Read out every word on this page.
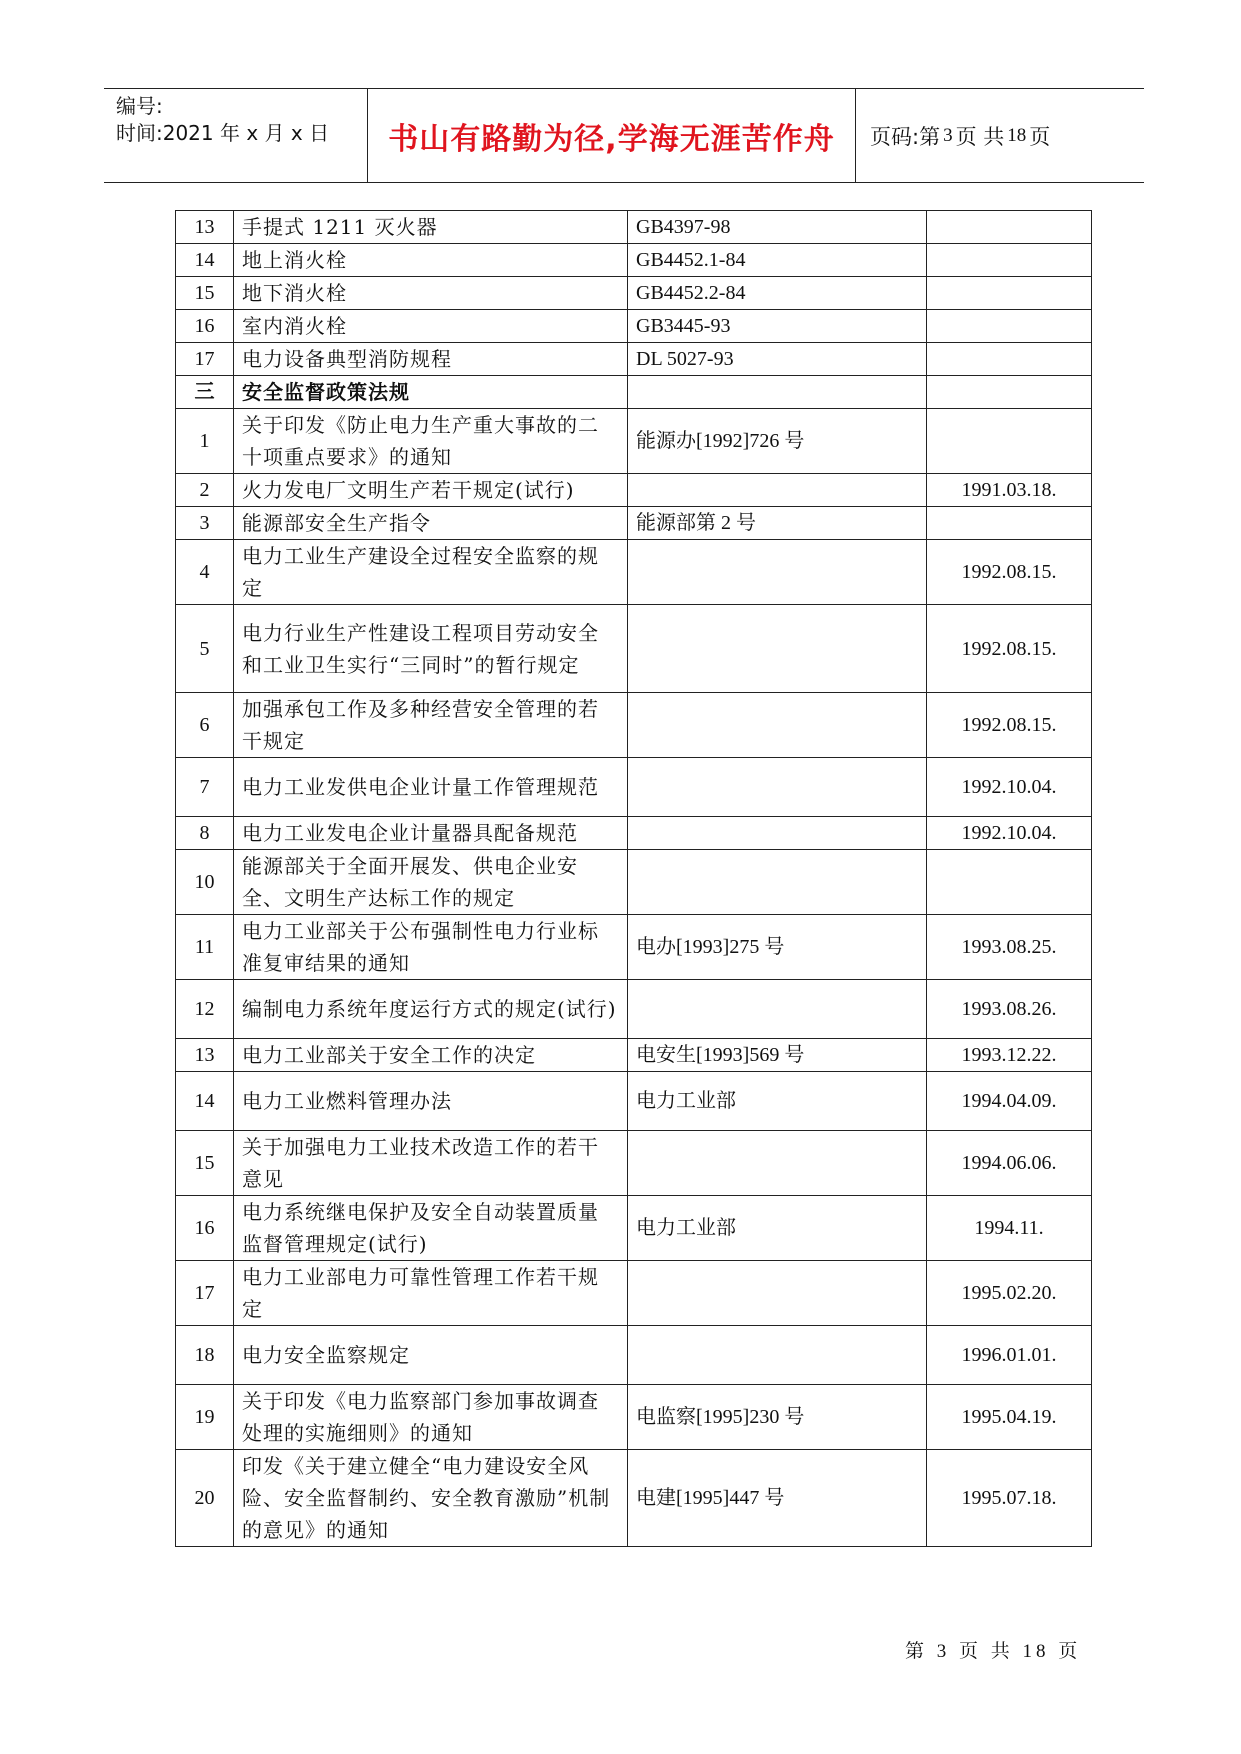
编号:
时间:2021 年 x 月 x 日	书山有路勤为径,学海无涯苦作舟	页码:第 3 页 共 18 页
13	手提式 1211 灭火器	GB4397-98	
14	地上消火栓	GB4452.1-84	
15	地下消火栓	GB4452.2-84	
16	室内消火栓	GB3445-93	
17	电力设备典型消防规程	DL 5027-93	
三	安全监督政策法规		
1	关于印发《防止电力生产重大事故的二十项重点要求》的通知	能源办[1992]726 号	
2	火力发电厂文明生产若干规定(试行)		1991.03.18.
3	能源部安全生产指令	能源部第 2 号	
4	电力工业生产建设全过程安全监察的规定		1992.08.15.
5	电力行业生产性建设工程项目劳动安全和工业卫生实行“三同时”的暂行规定		1992.08.15.
6	加强承包工作及多种经营安全管理的若干规定		1992.08.15.
7	电力工业发供电企业计量工作管理规范		1992.10.04.
8	电力工业发电企业计量器具配备规范		1992.10.04.
10	能源部关于全面开展发、供电企业安全、文明生产达标工作的规定		
11	电力工业部关于公布强制性电力行业标准复审结果的通知	电办[1993]275 号	1993.08.25.
12	编制电力系统年度运行方式的规定(试行)		1993.08.26.
13	电力工业部关于安全工作的决定	电安生[1993]569 号	1993.12.22.
14	电力工业燃料管理办法	电力工业部	1994.04.09.
15	关于加强电力工业技术改造工作的若干意见		1994.06.06.
16	电力系统继电保护及安全自动装置质量监督管理规定(试行)	电力工业部	1994.11.
17	电力工业部电力可靠性管理工作若干规定		1995.02.20.
18	电力安全监察规定		1996.01.01.
19	关于印发《电力监察部门参加事故调查处理的实施细则》的通知	电监察[1995]230 号	1995.04.19.
20	印发《关于建立健全“电力建设安全风险、安全监督制约、安全教育激励”机制的意见》的通知	电建[1995]447 号	1995.07.18.
第 3 页 共 18 页
